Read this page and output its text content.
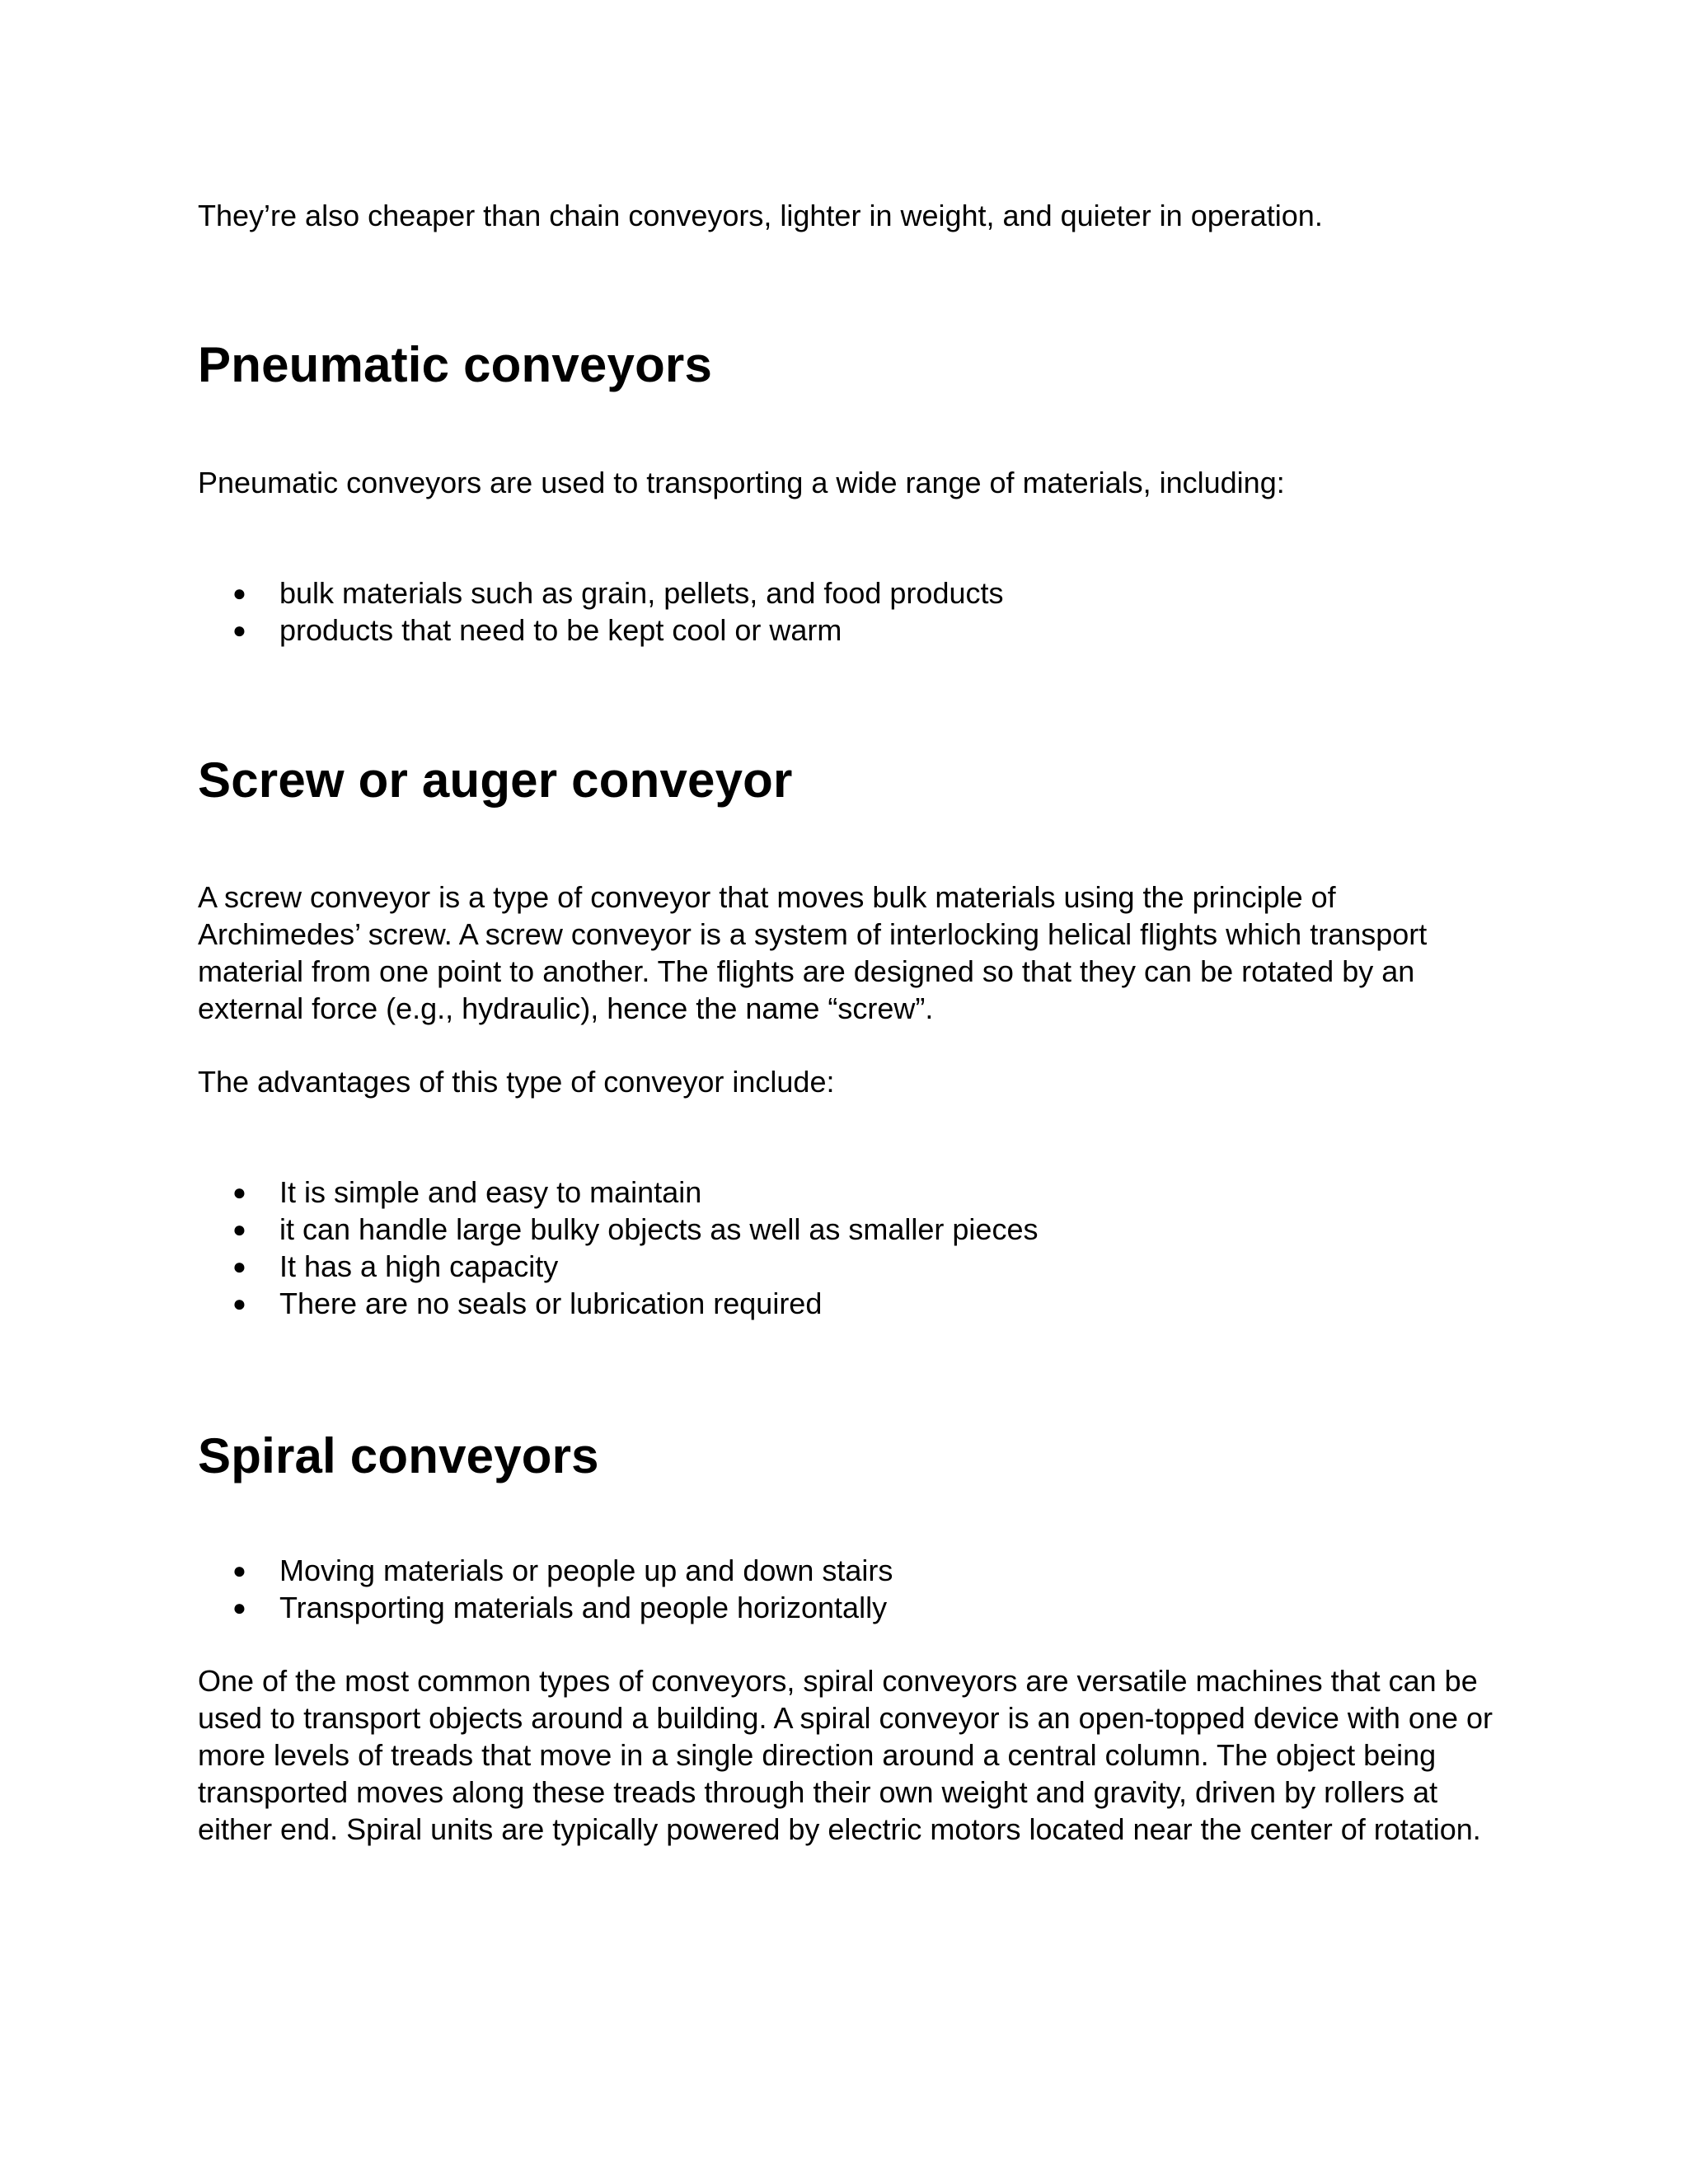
They’re also cheaper than chain conveyors, lighter in weight, and quieter in operation.

Pneumatic conveyors

Pneumatic conveyors are used to transporting a wide range of materials, including:

● bulk materials such as grain, pellets, and food products
● products that need to be kept cool or warm
Screw or auger conveyor

A screw conveyor is a type of conveyor that moves bulk materials using the principle of Archimedes’ screw. A screw conveyor is a system of interlocking helical flights which transport material from one point to another. The flights are designed so that they can be rotated by an external force (e.g., hydraulic), hence the name “screw”.

The advantages of this type of conveyor include:

● It is simple and easy to maintain
● it can handle large bulky objects as well as smaller pieces
● It has a high capacity
● There are no seals or lubrication required
Spiral conveyors
● Moving materials or people up and down stairs
● Transporting materials and people horizontally

One of the most common types of conveyors, spiral conveyors are versatile machines that can be used to transport objects around a building. A spiral conveyor is an open-topped device with one or more levels of treads that move in a single direction around a central column. The object being transported moves along these treads through their own weight and gravity, driven by rollers at either end. Spiral units are typically powered by electric motors located near the center of rotation.
